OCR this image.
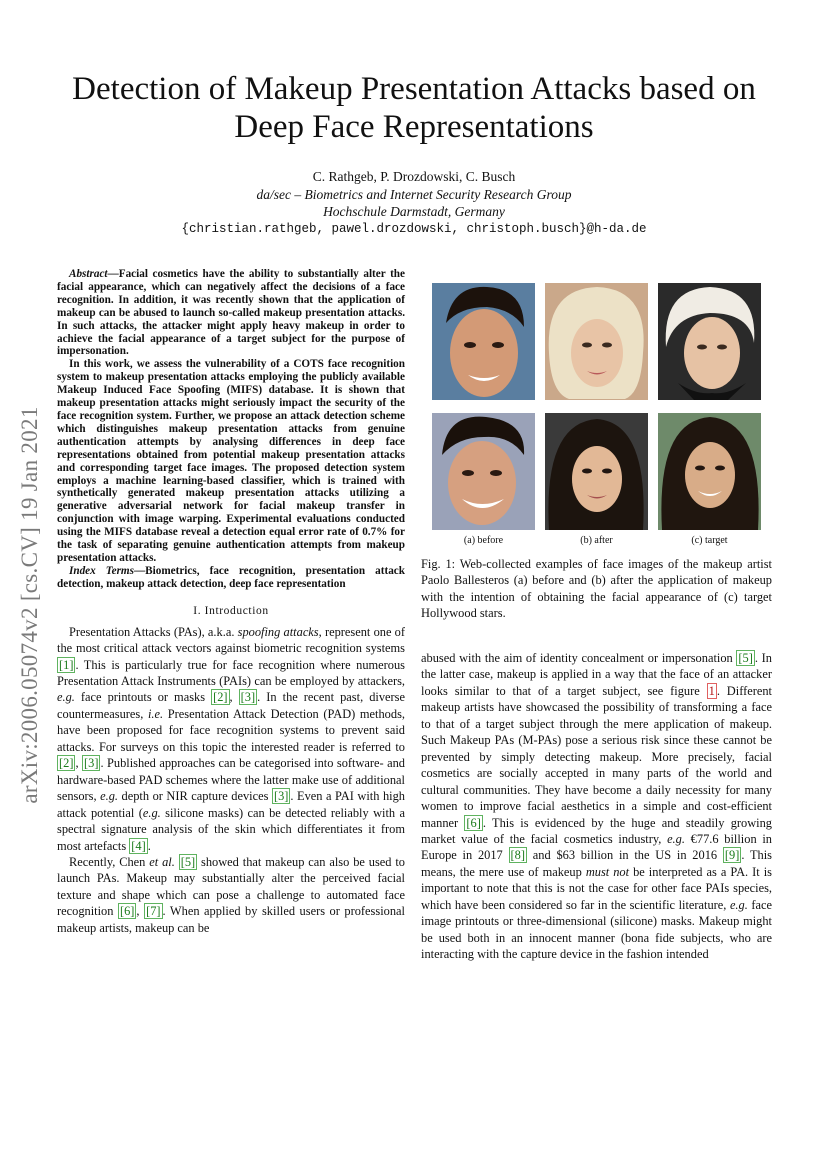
arXiv:2006.05074v2 [cs.CV] 19 Jan 2021
Detection of Makeup Presentation Attacks based on
Deep Face Representations
C. Rathgeb, P. Drozdowski, C. Busch
da/sec – Biometrics and Internet Security Research Group
Hochschule Darmstadt, Germany
{christian.rathgeb, pawel.drozdowski, christoph.busch}@h-da.de

Abstract—Facial cosmetics have the ability to substantially alter the facial appearance, which can negatively affect the decisions of a face recognition. In addition, it was recently shown that the application of makeup can be abused to launch so-called makeup presentation attacks. In such attacks, the attacker might apply heavy makeup in order to achieve the facial appearance of a target subject for the purpose of impersonation.

In this work, we assess the vulnerability of a COTS face recognition system to makeup presentation attacks employing the publicly available Makeup Induced Face Spoofing (MIFS) database. It is shown that makeup presentation attacks might seriously impact the security of the face recognition system. Further, we propose an attack detection scheme which distinguishes makeup presentation attacks from genuine authentication attempts by analysing differences in deep face representations obtained from potential makeup presentation attacks and corresponding target face images. The proposed detection system employs a machine learning-based classifier, which is trained with synthetically generated makeup presentation attacks utilizing a generative adversarial network for facial makeup transfer in conjunction with image warping. Experimental evaluations conducted using the MIFS database reveal a detection equal error rate of 0.7% for the task of separating genuine authentication attempts from makeup presentation attacks.

Index Terms—Biometrics, face recognition, presentation attack detection, makeup attack detection, deep face representation

I. Introduction

Presentation Attacks (PAs), a.k.a. spoofing attacks, represent one of the most critical attack vectors against biometric recognition systems [1] . This is particularly true for face recognition where numerous Presentation Attack Instruments (PAIs) can be employed by attackers, e.g. face printouts or masks [2] , [3] . In the recent past, diverse countermeasures, i.e. Presentation Attack Detection (PAD) methods, have been proposed for face recognition systems to prevent said attacks. For surveys on this topic the interested reader is referred to [2] , [3] . Published approaches can be categorised into software- and hardware-based PAD schemes where the latter make use of additional sensors, e.g. depth or NIR capture devices [3] . Even a PAI with high attack potential (e.g. silicone masks) can be detected reliably with a spectral signature analysis of the skin which differentiates it from most artefacts [4] .

Recently, Chen et al. [5] showed that makeup can also be used to launch PAs. Makeup may substantially alter the perceived facial texture and shape which can pose a challenge to automated face recognition [6] , [7] . When applied by skilled users or professional makeup artists, makeup can be

(a) before	(b) after	(c) target
Fig. 1: Web-collected examples of face images of the makeup artist Paolo Ballesteros (a) before and (b) after the application of makeup with the intention of obtaining the facial appearance of (c) target Hollywood stars.

abused with the aim of identity concealment or impersonation [5] . In the latter case, makeup is applied in a way that the face of an attacker looks similar to that of a target subject, see figure 1 . Different makeup artists have showcased the possibility of transforming a face to that of a target subject through the mere application of makeup. Such Makeup PAs (M-PAs) pose a serious risk since these cannot be prevented by simply detecting makeup. More precisely, facial cosmetics are socially accepted in many parts of the world and cultural communities. They have become a daily necessity for many women to improve facial aesthetics in a simple and cost-efficient manner [6] . This is evidenced by the huge and steadily growing market value of the facial cosmetics industry, e.g. €77.6 billion in Europe in 2017 [8] and $63 billion in the US in 2016 [9] . This means, the mere use of makeup must not be interpreted as a PA. It is important to note that this is not the case for other face PAIs species, which have been considered so far in the scientific literature, e.g. face image printouts or three-dimensional (silicone) masks. Makeup might be used both in an innocent manner (bona fide subjects, who are interacting with the capture device in the fashion intended
